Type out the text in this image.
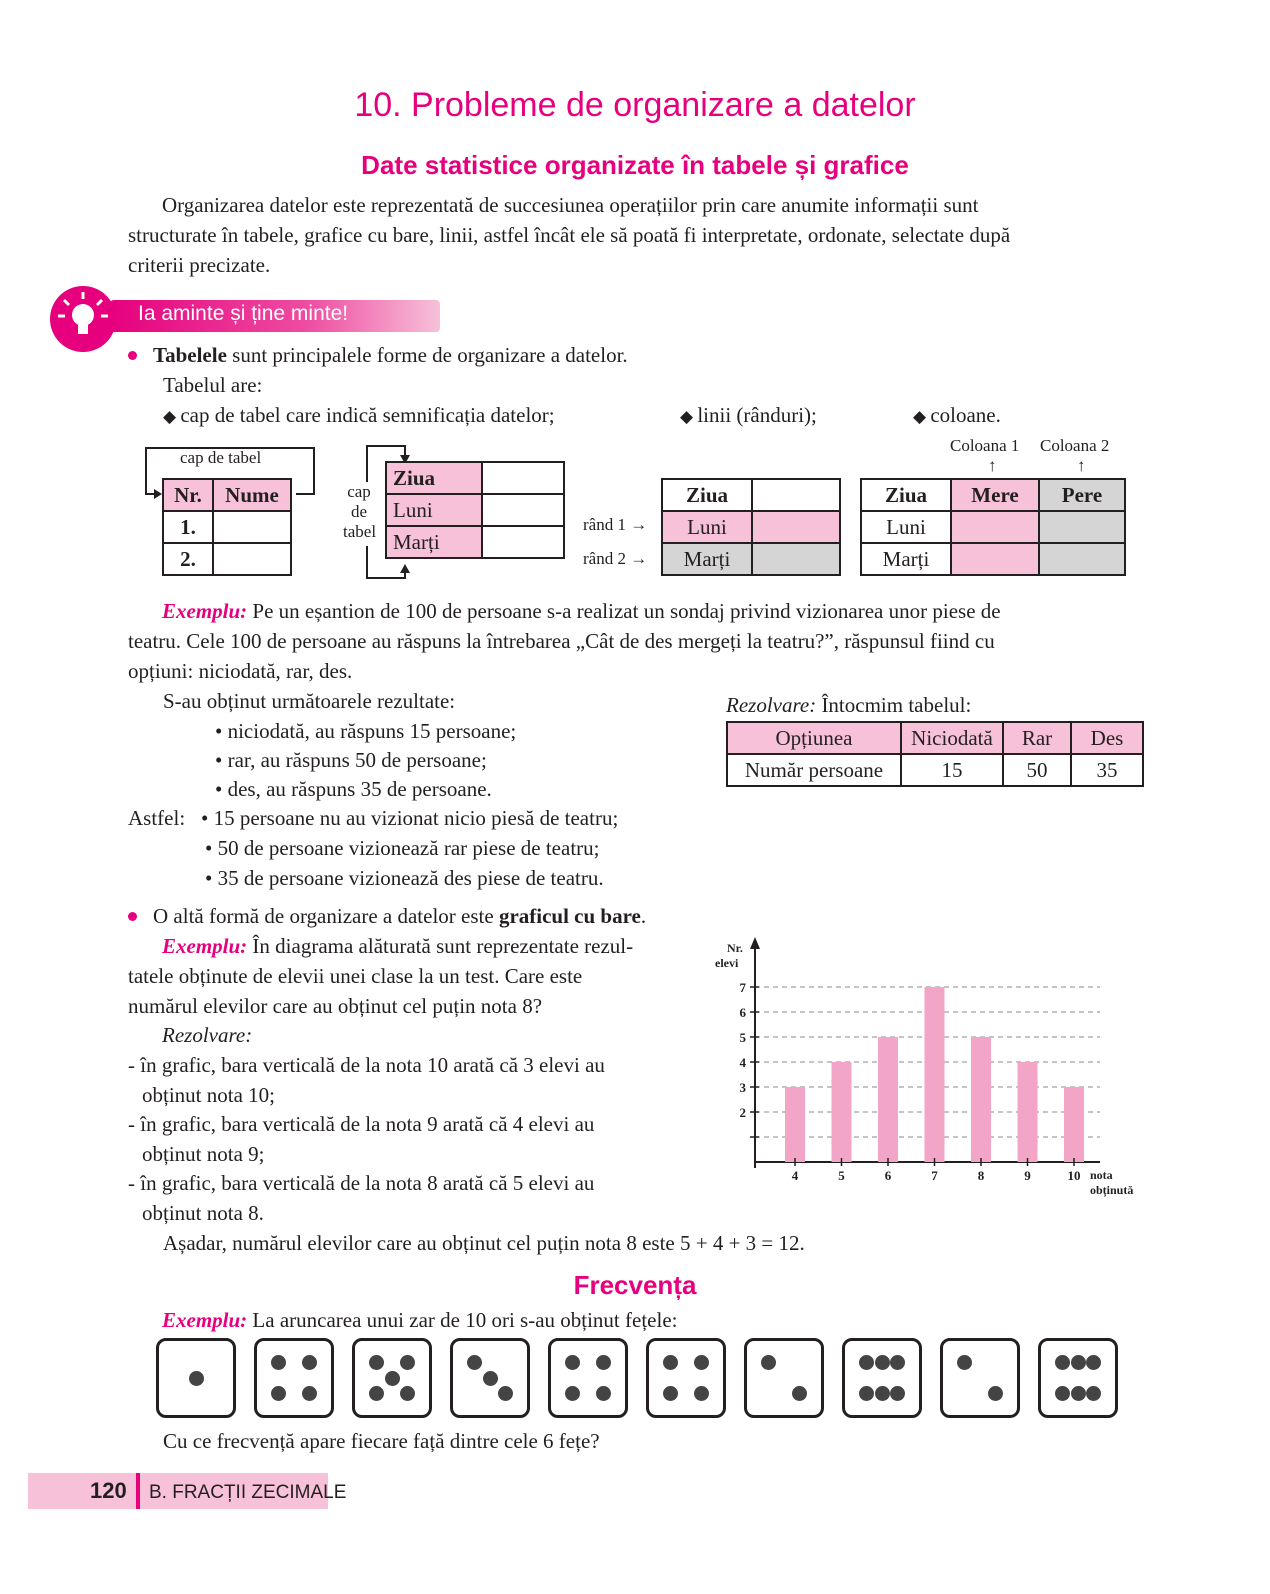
10. Probleme de organizare a datelor
Date statistice organizate în tabele și grafice
Organizarea datelor este reprezentată de succesiunea operațiilor prin care anumite informații sunt
structurate în tabele, grafice cu bare, linii, astfel încât ele să poată fi interpretate, ordonate, selectate după
criterii precizate.
Ia aminte și ține minte!
Tabelele sunt principalele forme de organizare a datelor.
Tabelul are:
◆ cap de tabel care indică semnificația datelor;	◆ linii (rânduri);	◆ coloane.
cap de tabel
Nr.	Nume
1.	
2.	
cap
de
tabel
Ziua	
Luni	
Marți	
rând 1 →
rând 2 →
Ziua	
Luni	
Marți	
Coloana 1 Coloana 2
↑	↑
Ziua	Mere	Pere
Luni		
Marți		
Exemplu: Pe un eșantion de 100 de persoane s-a realizat un sondaj privind vizionarea unor piese de
teatru. Cele 100 de persoane au răspuns la întrebarea „Cât de des mergeți la teatru?”, răspunsul fiind cu
opțiuni: niciodată, rar, des.
S-au obținut următoarele rezultate:
• niciodată, au răspuns 15 persoane;
• rar, au răspuns 50 de persoane;
• des, au răspuns 35 de persoane.
Astfel: • 15 persoane nu au vizionat nicio piesă de teatru;
• 50 de persoane vizionează rar piese de teatru;
• 35 de persoane vizionează des piese de teatru.
Rezolvare: Întocmim tabelul:
Opțiunea	Niciodată	Rar	Des
Număr persoane	15	50	35
O altă formă de organizare a datelor este graficul cu bare.
Exemplu: În diagrama alăturată sunt reprezentate rezul-
tatele obținute de elevii unei clase la un test. Care este
numărul elevilor care au obținut cel puțin nota 8?
Rezolvare:
- în grafic, bara verticală de la nota 10 arată că 3 elevi au
obținut nota 10;
- în grafic, bara verticală de la nota 9 arată că 4 elevi au
obținut nota 9;
- în grafic, bara verticală de la nota 8 arată că 5 elevi au
obținut nota 8.
Așadar, numărul elevilor care au obținut cel puțin nota 8 este 5 + 4 + 3 = 12.
2
3
4
5
6
7
Nr.
elevi
4	5	6	7	8	9	10 nota
obținută
Frecvența
Exemplu: La aruncarea unui zar de 10 ori s-au obținut fețele:
Cu ce frecvență apare fiecare față dintre cele 6 fețe?
120 B. FRACȚII ZECIMALE
